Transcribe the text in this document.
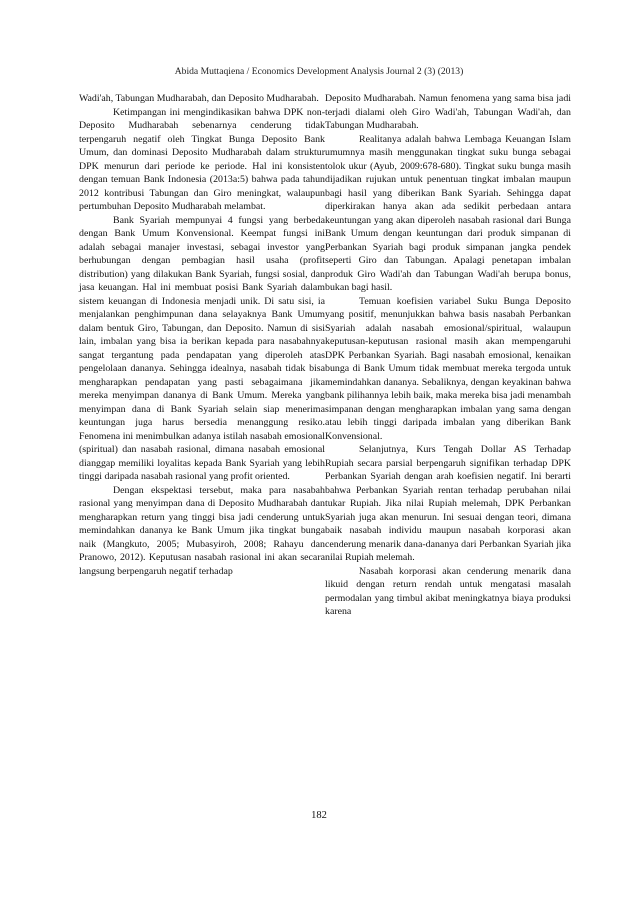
Abida Muttaqiena / Economics Development Analysis Journal 2 (3) (2013)

Wadi'ah, Tabungan Mudharabah, dan Deposito Mudharabah.

Ketimpangan ini mengindikasikan bahwa DPK non-Deposito Mudharabah sebenarnya cenderung tidak terpengaruh negatif oleh Tingkat Bunga Deposito Bank Umum, dan dominasi Deposito Mudharabah dalam struktur DPK menurun dari periode ke periode. Hal ini konsisten dengan temuan Bank Indonesia (2013a:5) bahwa pada tahun 2012 kontribusi Tabungan dan Giro meningkat, walaupun pertumbuhan Deposito Mudharabah melambat.

Bank Syariah mempunyai 4 fungsi yang berbeda dengan Bank Umum Konvensional. Keempat fungsi ini adalah sebagai manajer investasi, sebagai investor yang berhubungan dengan pembagian hasil usaha (profit distribution) yang dilakukan Bank Syariah, fungsi sosial, dan jasa keuangan. Hal ini membuat posisi Bank Syariah dalam sistem keuangan di Indonesia menjadi unik. Di satu sisi, ia menjalankan penghimpunan dana selayaknya Bank Umum dalam bentuk Giro, Tabungan, dan Deposito. Namun di sisi lain, imbalan yang bisa ia berikan kepada para nasabahnya sangat tergantung pada pendapatan yang diperoleh atas pengelolaan dananya. Sehingga idealnya, nasabah tidak bisa mengharapkan pendapatan yang pasti sebagaimana jika mereka menyimpan dananya di Bank Umum. Mereka yang menyimpan dana di Bank Syariah selain siap menerima keuntungan juga harus bersedia menanggung resiko. Fenomena ini menimbulkan adanya istilah nasabah emosional (spiritual) dan nasabah rasional, dimana nasabah emosional dianggap memiliki loyalitas kepada Bank Syariah yang lebih tinggi daripada nasabah rasional yang profit oriented.

Dengan ekspektasi tersebut, maka para nasabah rasional yang menyimpan dana di Deposito Mudharabah dan mengharapkan return yang tinggi bisa jadi cenderung untuk memindahkan dananya ke Bank Umum jika tingkat bunga naik (Mangkuto, 2005; Mubasyiroh, 2008; Rahayu dan Pranowo, 2012). Keputusan nasabah rasional ini akan secara langsung berpengaruh negatif terhadap

Deposito Mudharabah. Namun fenomena yang sama bisa jadi terjadi dialami oleh Giro Wadi'ah, Tabungan Wadi'ah, dan Tabungan Mudharabah.

Realitanya adalah bahwa Lembaga Keuangan Islam umumnya masih menggunakan tingkat suku bunga sebagai tolok ukur (Ayub, 2009:678-680). Tingkat suku bunga masih dijadikan rujukan untuk penentuan tingkat imbalan maupun bagi hasil yang diberikan Bank Syariah. Sehingga dapat diperkirakan hanya akan ada sedikit perbedaan antara keuntungan yang akan diperoleh nasabah rasional dari Bunga Bank Umum dengan keuntungan dari produk simpanan di Perbankan Syariah bagi produk simpanan jangka pendek seperti Giro dan Tabungan. Apalagi penetapan imbalan produk Giro Wadi'ah dan Tabungan Wadi'ah berupa bonus, bukan bagi hasil.

Temuan koefisien variabel Suku Bunga Deposito yang positif, menunjukkan bahwa basis nasabah Perbankan Syariah adalah nasabah emosional/spiritual, walaupun keputusan-keputusan rasional masih akan mempengaruhi DPK Perbankan Syariah. Bagi nasabah emosional, kenaikan bunga di Bank Umum tidak membuat mereka tergoda untuk memindahkan dananya. Sebaliknya, dengan keyakinan bahwa bank pilihannya lebih baik, maka mereka bisa jadi menambah simpanan dengan mengharapkan imbalan yang sama dengan atau lebih tinggi daripada imbalan yang diberikan Bank Konvensional.

Selanjutnya, Kurs Tengah Dollar AS Terhadap Rupiah secara parsial berpengaruh signifikan terhadap DPK Perbankan Syariah dengan arah koefisien negatif. Ini berarti bahwa Perbankan Syariah rentan terhadap perubahan nilai tukar Rupiah. Jika nilai Rupiah melemah, DPK Perbankan Syariah juga akan menurun. Ini sesuai dengan teori, dimana baik nasabah individu maupun nasabah korporasi akan cenderung menarik dana-dananya dari Perbankan Syariah jika nilai Rupiah melemah.

Nasabah korporasi akan cenderung menarik dana likuid dengan return rendah untuk mengatasi masalah permodalan yang timbul akibat meningkatnya biaya produksi karena

182
